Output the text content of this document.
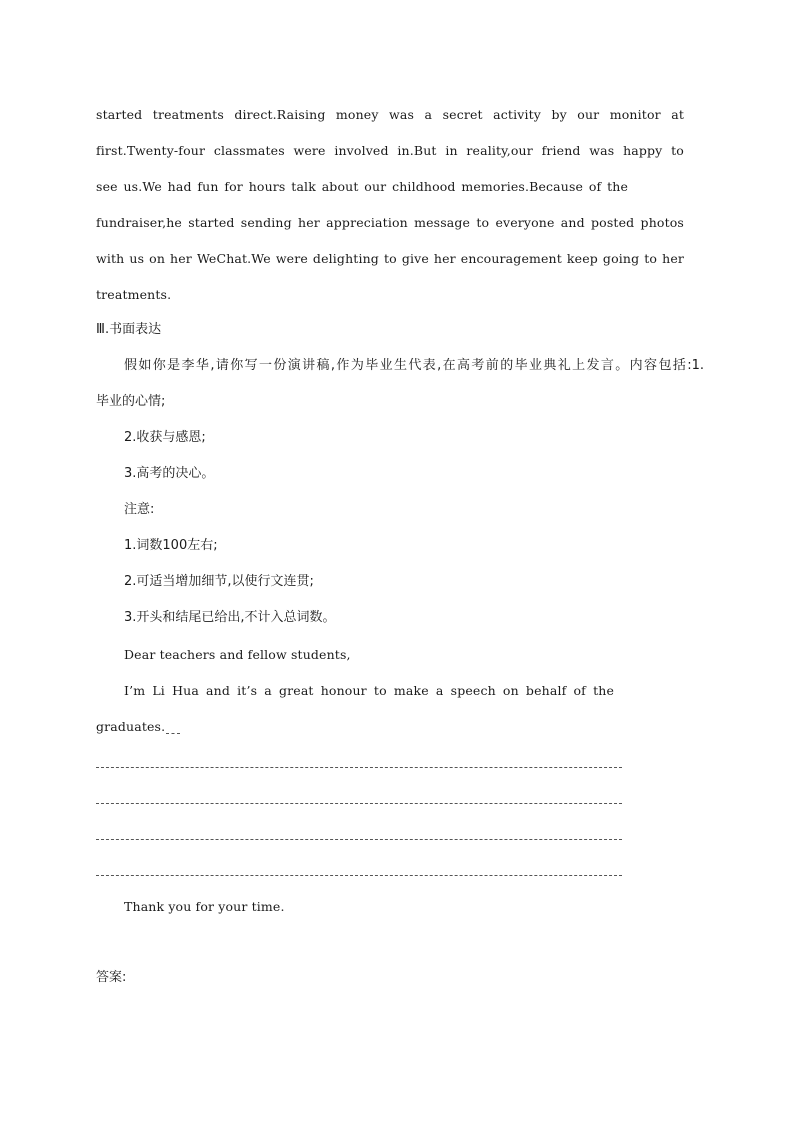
started treatments direct.Raising money was a secret activity by our monitor at
first.Twenty-four classmates were involved in.But in reality,our friend was happy to
see us.We had fun for hours talk about our childhood memories.Because of the
fundraiser,he started sending her appreciation message to everyone and posted photos
with us on her WeChat.We were delighting to give her encouragement keep going to her
treatments.
Ⅲ.书面表达
假如你是李华,请你写一份演讲稿,作为毕业生代表,在高考前的毕业典礼上发言。内容包括:1.
毕业的心情;
2.收获与感恩;
3.高考的决心。
注意:
1.词数100左右;
2.可适当增加细节,以使行文连贯;
3.开头和结尾已给出,不计入总词数。
Dear teachers and fellow students,
I’m Li Hua and it’s a great honour to make a speech on behalf of the
graduates.
Thank you for your time.
答案:
